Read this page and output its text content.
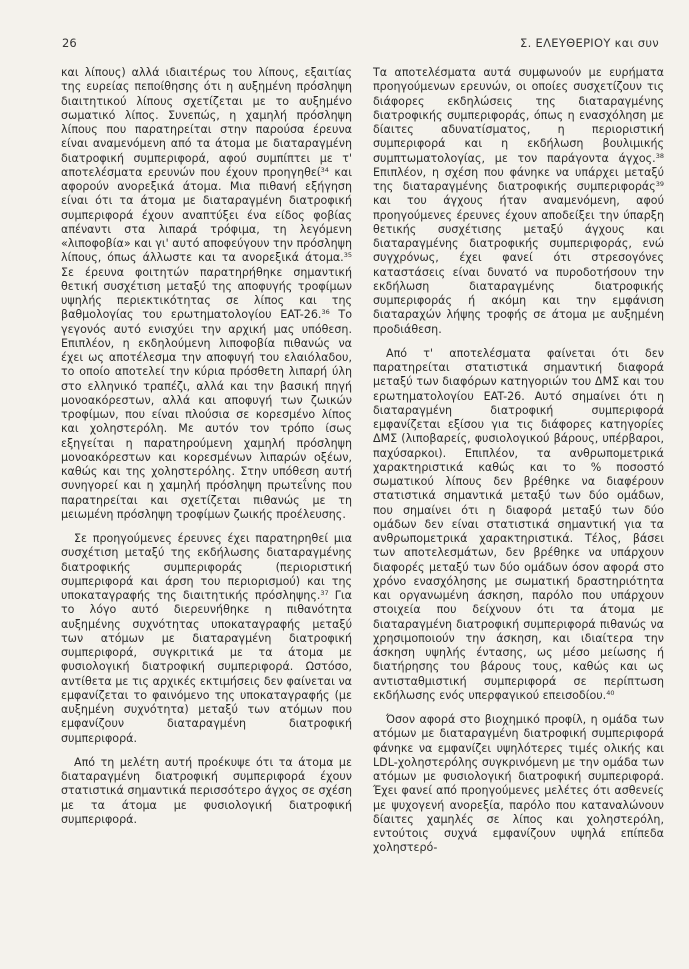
26	Σ. ΕΛΕΥΘΕΡΙΟΥ και συν

και λίπους) αλλά ιδιαιτέρως του λίπους, εξαιτίας της ευρείας πεποίθησης ότι η αυξημένη πρόσληψη διαιτητικού λίπους σχετίζεται με το αυξημένο σωματικό λίπος. Συνεπώς, η χαμηλή πρόσληψη λίπους που παρατηρείται στην παρούσα έρευνα είναι αναμενόμενη από τα άτομα με διαταραγμένη διατροφική συμπεριφορά, αφού συμπίπτει με τ' αποτελέσματα ερευνών που έχουν προηγηθεί$^{34}$ και αφορούν ανορεξικά άτομα. Μια πιθανή εξήγηση είναι ότι τα άτομα με διαταραγμένη διατροφική συμπεριφορά έχουν αναπτύξει ένα είδος φοβίας απέναντι στα λιπαρά τρόφιμα, τη λεγόμενη «λιποφοβία» και γι' αυτό αποφεύγουν την πρόσληψη λίπους, όπως άλλωστε και τα ανορεξικά άτομα.$^{35}$ Σε έρευνα φοιτητών παρατηρήθηκε σημαντική θετική συσχέτιση μεταξύ της αποφυγής τροφίμων υψηλής περιεκτικότητας σε λίπος και της βαθμολογίας του ερωτηματολογίου EAT-26.36 Το γεγονός αυτό ενισχύει την αρχική μας υπόθεση. Επιπλέον, η εκδηλούμενη λιποφοβία πιθανώς να έχει ως αποτέλεσμα την αποφυγή του ελαιόλαδου, το οποίο αποτελεί την κύρια πρόσθετη λιπαρή ύλη στο ελληνικό τραπέζι, αλλά και την βασική πηγή μονοακόρεστων, αλλά και αποφυγή των ζωικών τροφίμων, που είναι πλούσια σε κορεσμένο λίπος και χοληστερόλη. Με αυτόν τον τρόπο ίσως εξηγείται η παρατηρούμενη χαμηλή πρόσληψη μονοακόρεστων και κορεσμένων λιπαρών οξέων, καθώς και της χοληστερόλης. Στην υπόθεση αυτή συνηγορεί και η χαμηλή πρόσληψη πρωτεΐνης που παρατηρείται και σχετίζεται πιθανώς με τη μειωμένη πρόσληψη τροφίμων ζωικής προέλευσης.

Σε προηγούμενες έρευνες έχει παρατηρηθεί μια συσχέτιση μεταξύ της εκδήλωσης διαταραγμένης διατροφικής συμπεριφοράς (περιοριστική συμπεριφορά και άρση του περιορισμού) και της υποκαταγραφής της διαιτητικής πρόσληψης.$^{37}$ Για το λόγο αυτό διερευνήθηκε η πιθανότητα αυξημένης συχνότητας υποκαταγραφής μεταξύ των ατόμων με διαταραγμένη διατροφική συμπεριφορά, συγκριτικά με τα άτομα με φυσιολογική διατροφική συμπεριφορά. Ωστόσο, αντίθετα με τις αρχικές εκτιμήσεις δεν φαίνεται να εμφανίζεται το φαινόμενο της υποκαταγραφής (με αυξημένη συχνότητα) μεταξύ των ατόμων που εμφανίζουν διαταραγμένη διατροφική συμπεριφορά.

Από τη μελέτη αυτή προέκυψε ότι τα άτομα με διαταραγμένη διατροφική συμπεριφορά έχουν στατιστικά σημαντικά περισσότερο άγχος σε σχέση με τα άτομα με φυσιολογική διατροφική συμπεριφορά.

Τα αποτελέσματα αυτά συμφωνούν με ευρήματα προηγούμενων ερευνών, οι οποίες συσχετίζουν τις διάφορες εκδηλώσεις της διαταραγμένης διατροφικής συμπεριφοράς, όπως η ενασχόληση με δίαιτες αδυνατίσματος, η περιοριστική συμπεριφορά και η εκδήλωση βουλιμικής συμπτωματολογίας, με τον παράγοντα άγχος.$^{38}$ Επιπλέον, η σχέση που φάνηκε να υπάρχει μεταξύ της διαταραγμένης διατροφικής συμπεριφοράς$^{39}$ και του άγχους ήταν αναμενόμενη, αφού προηγούμενες έρευνες έχουν αποδείξει την ύπαρξη θετικής συσχέτισης μεταξύ άγχους και διαταραγμένης διατροφικής συμπεριφοράς, ενώ συγχρόνως, έχει φανεί ότι στρεσογόνες καταστάσεις είναι δυνατό να πυροδοτήσουν την εκδήλωση διαταραγμένης διατροφικής συμπεριφοράς ή ακόμη και την εμφάνιση διαταραχών λήψης τροφής σε άτομα με αυξημένη προδιάθεση.

Από τ' αποτελέσματα φαίνεται ότι δεν παρατηρείται στατιστικά σημαντική διαφορά μεταξύ των διαφόρων κατηγοριών του ΔΜΣ και του ερωτηματολογίου EAT-26. Αυτό σημαίνει ότι η διαταραγμένη διατροφική συμπεριφορά εμφανίζεται εξίσου για τις διάφορες κατηγορίες ΔΜΣ (λιποβαρείς, φυσιολογικού βάρους, υπέρβαροι, παχύσαρκοι). Επιπλέον, τα ανθρωπομετρικά χαρακτηριστικά καθώς και το % ποσοστό σωματικού λίπους δεν βρέθηκε να διαφέρουν στατιστικά σημαντικά μεταξύ των δύο ομάδων, που σημαίνει ότι η διαφορά μεταξύ των δύο ομάδων δεν είναι στατιστικά σημαντική για τα ανθρωπομετρικά χαρακτηριστικά. Τέλος, βάσει των αποτελεσμάτων, δεν βρέθηκε να υπάρχουν διαφορές μεταξύ των δύο ομάδων όσον αφορά στο χρόνο ενασχόλησης με σωματική δραστηριότητα και οργανωμένη άσκηση, παρόλο που υπάρχουν στοιχεία που δείχνουν ότι τα άτομα με διαταραγμένη διατροφική συμπεριφορά πιθανώς να χρησιμοποιούν την άσκηση, και ιδιαίτερα την άσκηση υψηλής έντασης, ως μέσο μείωσης ή διατήρησης του βάρους τους, καθώς και ως αντισταθμιστική συμπεριφορά σε περίπτωση εκδήλωσης ενός υπερφαγικού επεισοδίου.$^{40}$

Όσον αφορά στο βιοχημικό προφίλ, η ομάδα των ατόμων με διαταραγμένη διατροφική συμπεριφορά φάνηκε να εμφανίζει υψηλότερες τιμές ολικής και LDL-χοληστερόλης συγκρινόμενη με την ομάδα των ατόμων με φυσιολογική διατροφική συμπεριφορά. Έχει φανεί από προηγούμενες μελέτες ότι ασθενείς με ψυχογενή ανορεξία, παρόλο που καταναλώνουν δίαιτες χαμηλές σε λίπος και χοληστερόλη, εντούτοις συχνά εμφανίζουν υψηλά επίπεδα χοληστερό-
